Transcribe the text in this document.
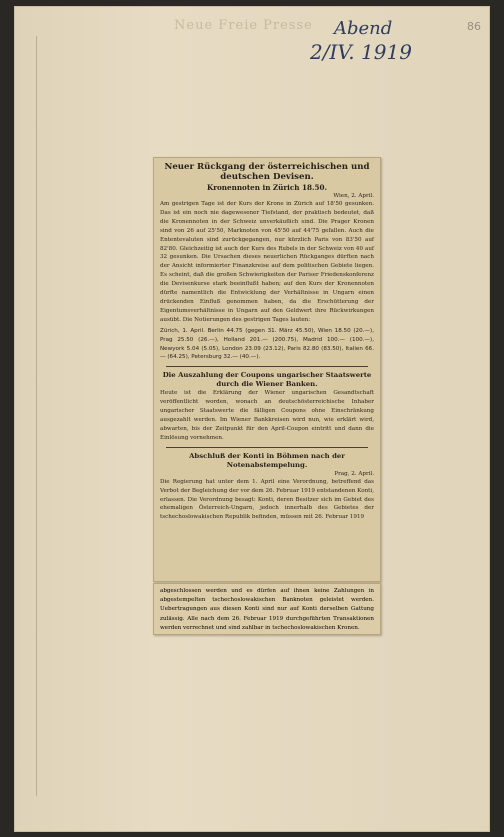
Neue Freie Presse Abend
2/IV. 1919
86

Neuer Rückgang der österreichischen und deutschen Devisen.

Kronennoten in Zürich 18.50.

Wien, 2. April.

Am gestrigen Tage ist der Kurs der Krone in Zürich auf 18'50 gesunken. Das ist ein noch nie dagewesener Tiefstand, der praktisch bedeutet, daß die Kronennoten in der Schweiz unverkäuflich sind. Die Prager Kronen sind von 26 auf 25'50, Marknoten von 45'50 auf 44'75 gefallen. Auch die Ententevaluten sind zurückgegangen, nur kürzlich Paris von 83'50 auf 82'80. Gleichzeitig ist auch der Kurs des Rubels in der Schweiz von 40 auf 32 gesunken. Die Ursachen dieses neuerlichen Rückganges dürften nach der Ansicht informierter Finanzkreise auf dem politischen Gebiete liegen. Es scheint, daß die großen Schwierigkeiten der Pariser Friedenskonferenz die Devisenkurse stark beeinflußt haben; auf den Kurs der Kronennoten dürfte namentlich die Entwicklung der Verhältnisse in Ungarn einen drückenden Einfluß genommen haben, da die Erschütterung der Eigentumsverhältnisse in Ungarn auf den Geldwert ihre Rückwirkungen ausübt. Die Notierungen des gestrigen Tages lauten:

Zürich, 1. April. Berlin 44.75 (gegen 31. März 45.50), Wien 18.50 (20.—), Prag 25.50 (26.—), Holland 201.— (200.75), Madrid 100.— (100.—), Newyork 5.04 (5.05), London 23.09 (23.12), Paris 82.80 (83.50), Italien 66.— (64.25), Petersburg 32.— (40.—).

Die Auszahlung der Coupons ungarischer Staatswerte durch die Wiener Banken.

Heute ist die Erklärung der Wiener ungarischen Gesandtschaft veröffentlicht worden, wonach an deutschösterreichische Inhaber ungarischer Staatswerte die fälligen Coupons ohne Einschränkung ausgezahlt werden. Im Wiener Bankkreisen wird nun, wie erklärt wird, abwarten, bis der Zeitpunkt für den April-Coupon eintritt und dann die Einlösung vornehmen.

Abschluß der Konti in Böhmen nach der Notenabstempelung.

Prag, 2. April.

Die Regierung hat unter dem 1. April eine Verordnung, betreffend das Verbot der Begleichung der vor dem 26. Februar 1919 entstandenen Konti, erlassen. Die Verordnung besagt: Konti, deren Besitzer sich im Gebiet des ehemaligen Österreich-Ungarn, jedoch innerhalb des Gebietes der tschechoslowakischen Republik befinden, müssen mit 26. Februar 1919

abgeschlossen werden und es dürfen auf ihnen keine Zahlungen in abgestempelten tschechoslowakischen Banknoten geleistet werden. Uebertragungen aus diesen Konti sind nur auf Konti derselben Gattung zulässig. Alle nach dem 26. Februar 1919 durchgeführten Transaktionen werden verrechnet und sind zahlbar in tschechoslowakischen Kronen.
